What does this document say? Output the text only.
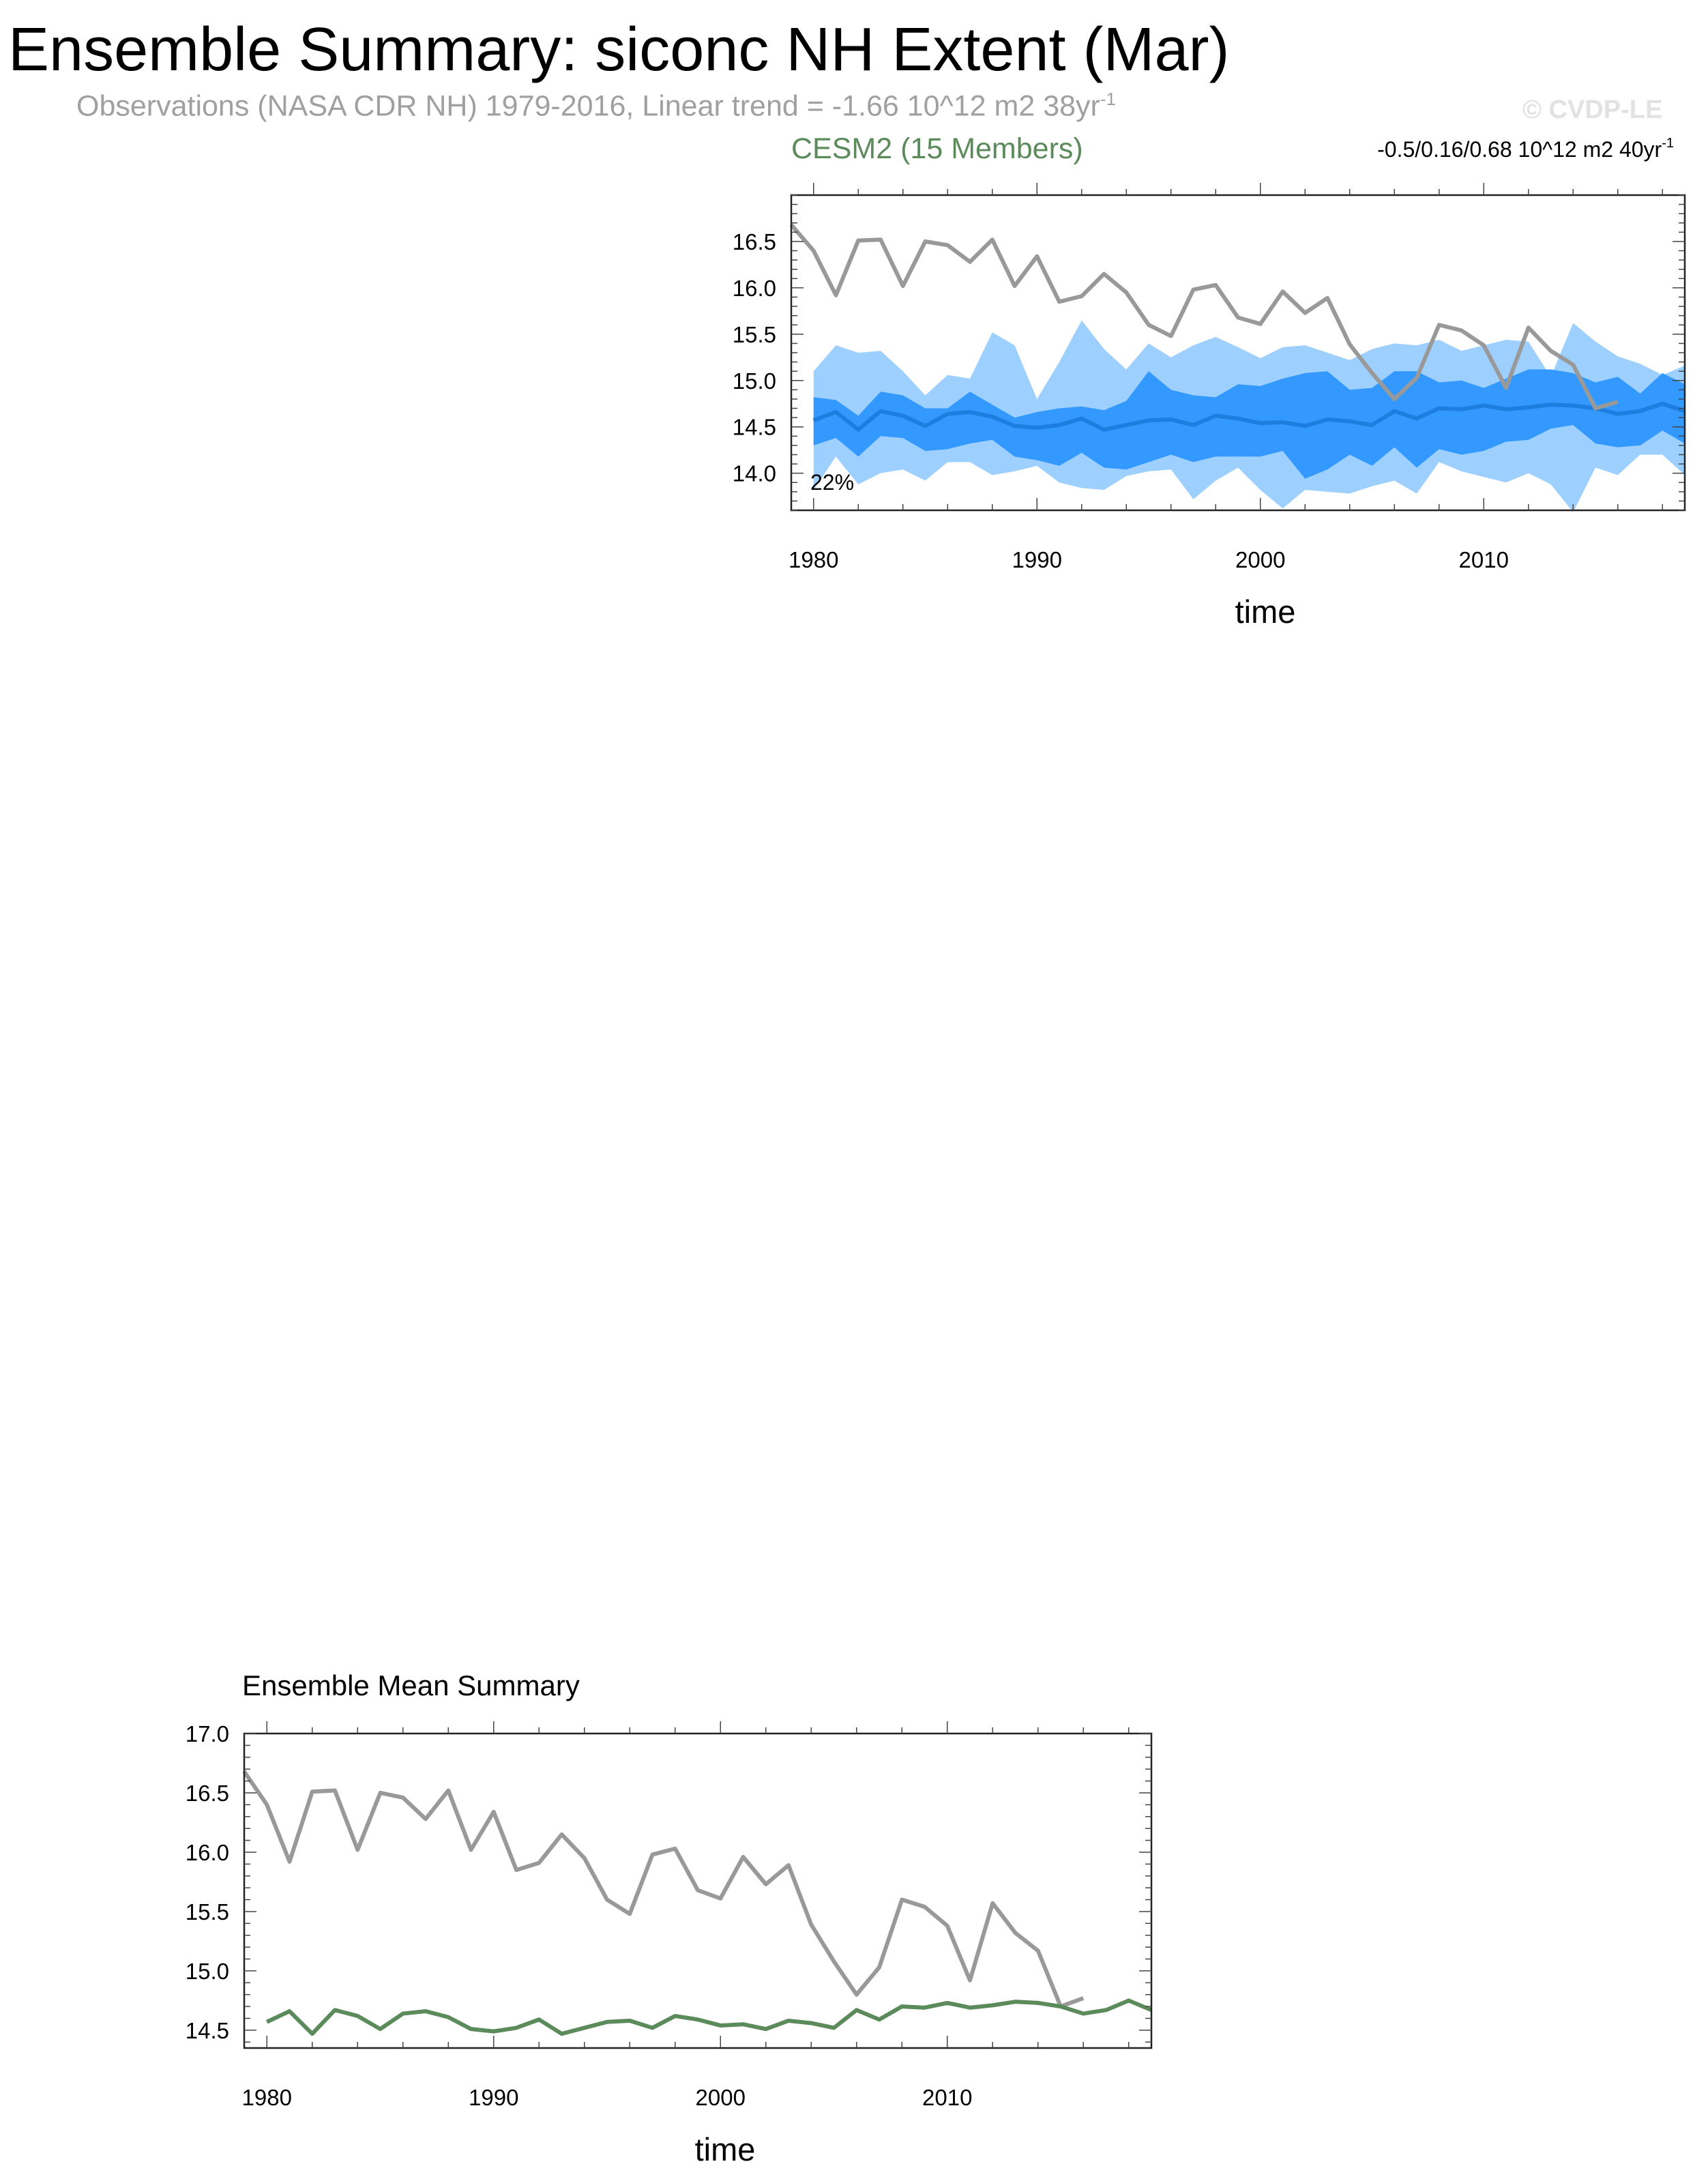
Ensemble Summary: siconc NH Extent (Mar)
Observations (NASA CDR NH) 1979-2016, Linear trend = -1.66 10^12 m2 $38yr^{-1}$	© CVDP-LE
CESM2 (15 Members)	-0.5/0.16/0.68 10^12 m2 $40yr^{-1}$
14.0
14.5
15.0
15.5
16.0
16.5
1980	1990	2000	2010
time
22%
Ensemble Mean Summary
14.5
15.0
15.5
16.0
16.5
17.0
1980	1990	2000	2010
time
